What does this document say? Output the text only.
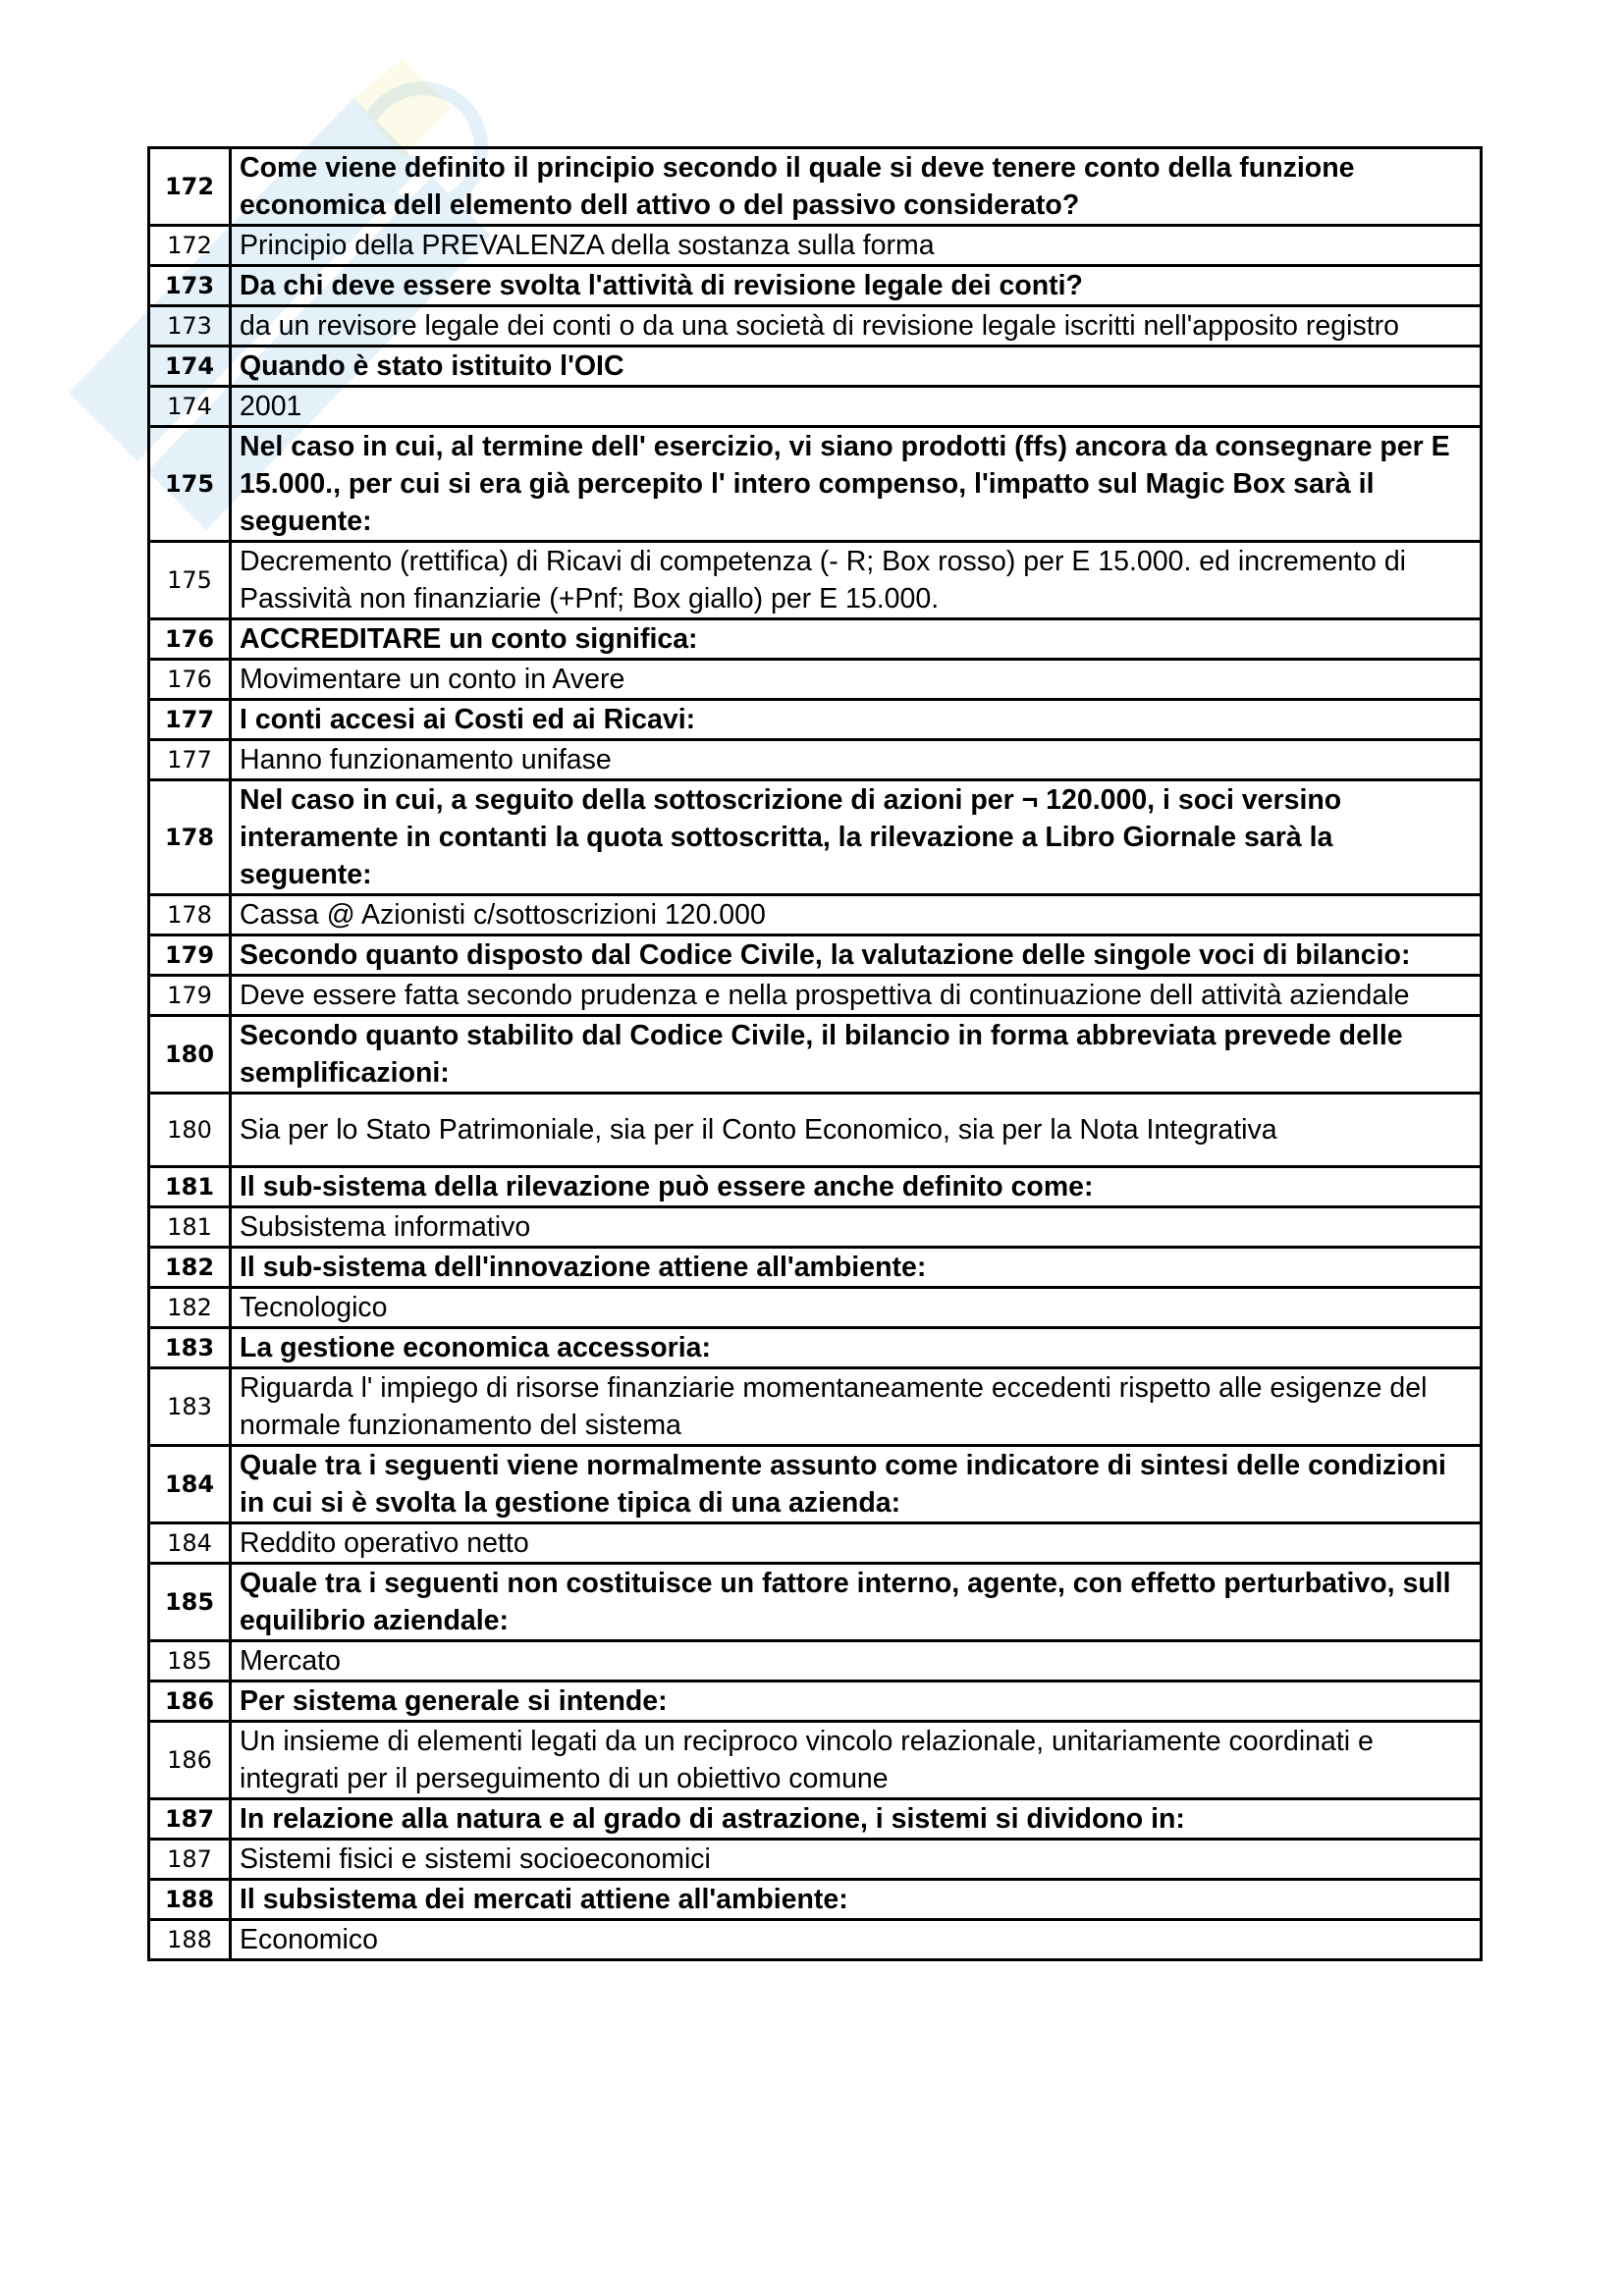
172	Come viene definito il principio secondo il quale si deve tenere conto della funzione economica dell elemento dell attivo o del passivo considerato?
172	Principio della PREVALENZA della sostanza sulla forma
173	Da chi deve essere svolta l'attività di revisione legale dei conti?
173	da un revisore legale dei conti o da una società di revisione legale iscritti nell'apposito registro
174	Quando è stato istituito l'OIC
174	2001
175	Nel caso in cui, al termine dell' esercizio, vi siano prodotti (ffs) ancora da consegnare per E 15.000., per cui si era già percepito l' intero compenso, l'impatto sul Magic Box sarà il seguente:
175	Decremento (rettifica) di Ricavi di competenza (- R; Box rosso) per E 15.000. ed incremento di Passività non finanziarie (+Pnf; Box giallo) per E 15.000.
176	ACCREDITARE un conto significa:
176	Movimentare un conto in Avere
177	I conti accesi ai Costi ed ai Ricavi:
177	Hanno funzionamento unifase
178	Nel caso in cui, a seguito della sottoscrizione di azioni per ¬ 120.000, i soci versino interamente in contanti la quota sottoscritta, la rilevazione a Libro Giornale sarà la seguente:
178	Cassa @ Azionisti c/sottoscrizioni 120.000
179	Secondo quanto disposto dal Codice Civile, la valutazione delle singole voci di bilancio:
179	Deve essere fatta secondo prudenza e nella prospettiva di continuazione dell attività aziendale
180	Secondo quanto stabilito dal Codice Civile, il bilancio in forma abbreviata prevede delle semplificazioni:
180	Sia per lo Stato Patrimoniale, sia per il Conto Economico, sia per la Nota Integrativa
181	Il sub-sistema della rilevazione può essere anche definito come:
181	Subsistema informativo
182	Il sub-sistema dell'innovazione attiene all'ambiente:
182	Tecnologico
183	La gestione economica accessoria:
183	Riguarda l' impiego di risorse finanziarie momentaneamente eccedenti rispetto alle esigenze del normale funzionamento del sistema
184	Quale tra i seguenti viene normalmente assunto come indicatore di sintesi delle condizioni in cui si è svolta la gestione tipica di una azienda:
184	Reddito operativo netto
185	Quale tra i seguenti non costituisce un fattore interno, agente, con effetto perturbativo, sull equilibrio aziendale:
185	Mercato
186	Per sistema generale si intende:
186	Un insieme di elementi legati da un reciproco vincolo relazionale, unitariamente coordinati e integrati per il perseguimento di un obiettivo comune
187	In relazione alla natura e al grado di astrazione, i sistemi si dividono in:
187	Sistemi fisici e sistemi socioeconomici
188	Il subsistema dei mercati attiene all'ambiente:
188	Economico
